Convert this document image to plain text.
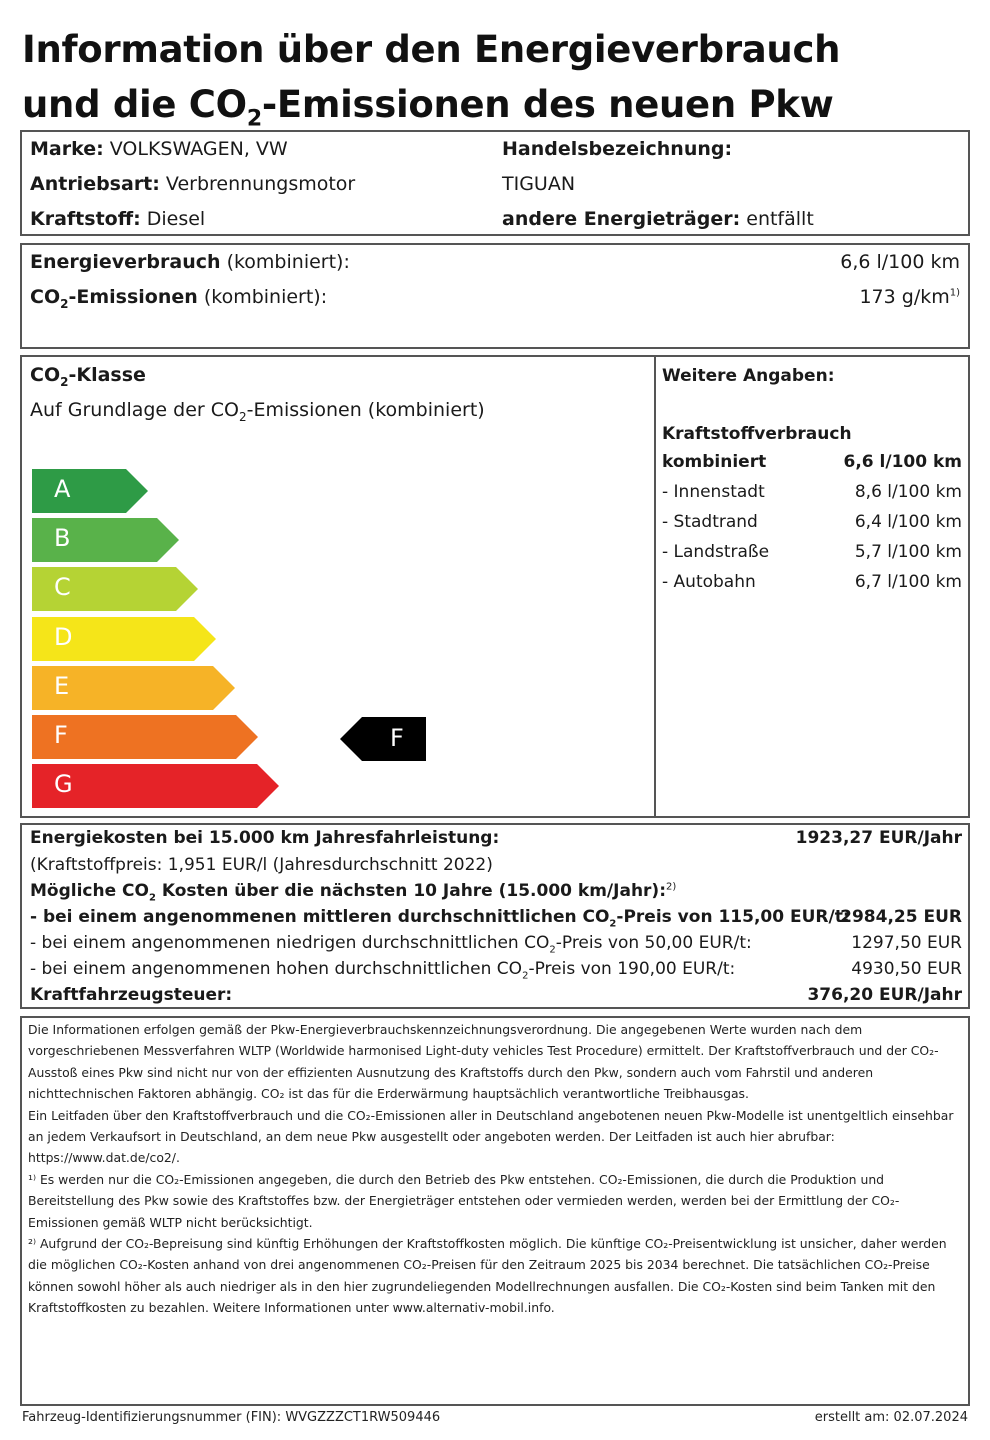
Information über den Energieverbrauch
und die $CO_2$-Emissionen des neuen Pkw
Marke: VOLKSWAGEN, VW
Antriebsart: Verbrennungsmotor
Kraftstoff: Diesel
Handelsbezeichnung:
TIGUAN
andere Energieträger: entfällt
Energieverbrauch (kombiniert):	6,6 l/100 km
$CO_2$-Emissionen (kombiniert):	173 $g/km^{1)}$
$CO_2$-Klasse
Auf Grundlage der $CO_2$-Emissionen (kombiniert)
A
B
C
D
E
F
G
F
Weitere Angaben:
Kraftstoffverbrauch
kombiniert	6,6 l/100 km
- Innenstadt	8,6 l/100 km
- Stadtrand	6,4 l/100 km
- Landstraße	5,7 l/100 km
- Autobahn	6,7 l/100 km
Energiekosten bei 15.000 km Jahresfahrleistung:	1923,27 EUR/Jahr
(Kraftstoffpreis: 1,951 EUR/l (Jahresdurchschnitt 2022)
Mögliche $CO_2$ Kosten über die nächsten 10 Jahre (15.000 km/Jahr):$^{2)}$
- bei einem angenommenen mittleren durchschnittlichen $CO_2$-Preis von 115,00 EUR/t:
2984,25 EUR
- bei einem angenommenen niedrigen durchschnittlichen $CO_2$-Preis von 50,00 EUR/t:	1297,50 EUR
- bei einem angenommenen hohen durchschnittlichen $CO_2$-Preis von 190,00 EUR/t:	4930,50 EUR
Kraftfahrzeugsteuer:	376,20 EUR/Jahr

Die Informationen erfolgen gemäß der Pkw-Energieverbrauchskennzeichnungsverordnung. Die angegebenen Werte wurden nach dem vorgeschriebenen Messverfahren WLTP (Worldwide harmonised Light-duty vehicles Test Procedure) ermittelt. Der Kraftstoffverbrauch und der CO₂-Ausstoß eines Pkw sind nicht nur von der effizienten Ausnutzung des Kraftstoffs durch den Pkw, sondern auch vom Fahrstil und anderen nichttechnischen Faktoren abhängig. CO₂ ist das für die Erderwärmung hauptsächlich verantwortliche Treibhausgas.

Ein Leitfaden über den Kraftstoffverbrauch und die CO₂-Emissionen aller in Deutschland angebotenen neuen Pkw-Modelle ist unentgeltlich einsehbar an jedem Verkaufsort in Deutschland, an dem neue Pkw ausgestellt oder angeboten werden. Der Leitfaden ist auch hier abrufbar: https://www.dat.de/co2/.

¹⁾ Es werden nur die CO₂-Emissionen angegeben, die durch den Betrieb des Pkw entstehen. CO₂-Emissionen, die durch die Produktion und Bereitstellung des Pkw sowie des Kraftstoffes bzw. der Energieträger entstehen oder vermieden werden, werden bei der Ermittlung der CO₂-Emissionen gemäß WLTP nicht berücksichtigt.

²⁾ Aufgrund der CO₂-Bepreisung sind künftig Erhöhungen der Kraftstoffkosten möglich. Die künftige CO₂-Preisentwicklung ist unsicher, daher werden die möglichen CO₂-Kosten anhand von drei angenommenen CO₂-Preisen für den Zeitraum 2025 bis 2034 berechnet. Die tatsächlichen CO₂-Preise können sowohl höher als auch niedriger als in den hier zugrundeliegenden Modellrechnungen ausfallen. Die CO₂-Kosten sind beim Tanken mit den Kraftstoffkosten zu bezahlen. Weitere Informationen unter www.alternativ-mobil.info.

Fahrzeug-Identifizierungsnummer (FIN): WVGZZZCT1RW509446	erstellt am: 02.07.2024
